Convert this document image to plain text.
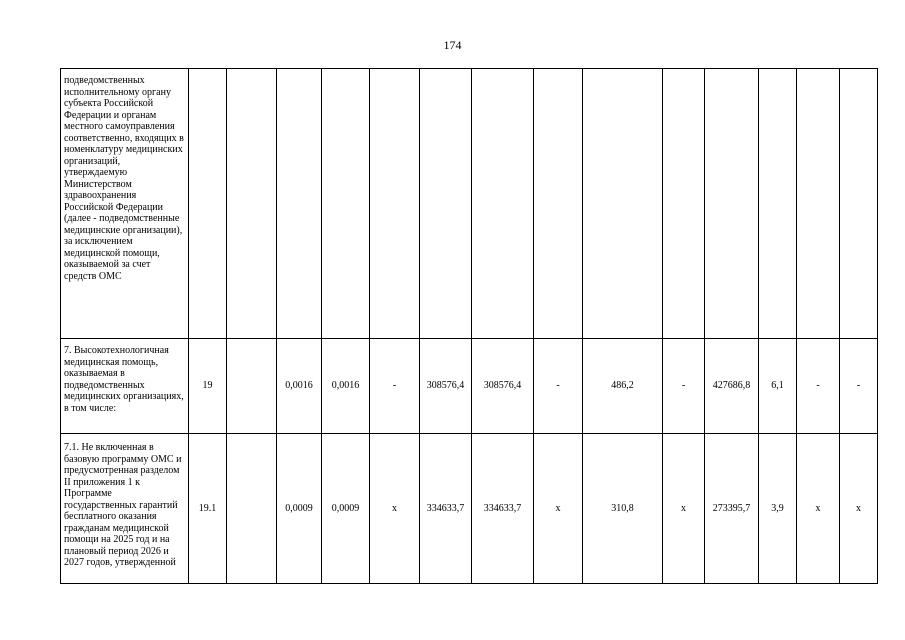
174
подведомственных исполнительному органу субъекта Российской Федерации и органам местного самоуправления соответственно, входящих в номенклатуру медицинских организаций, утверждаемую Министерством здравоохранения Российской Федерации (далее - подведомственные медицинские организации), за исключением медицинской помощи, оказываемой за счет средств ОМС														
7. Высокотехнологичная медицинская помощь, оказываемая в подведомственных медицинских организациях, в том числе:	19		0,0016	0,0016	-	308576,4	308576,4	-	486,2	-	427686,8	6,1	-	-
7.1. Не включенная в базовую программу ОМС и предусмотренная разделом II приложения 1 к Программе государственных гарантий бесплатного оказания гражданам медицинской помощи на 2025 год и на плановый период 2026 и 2027 годов, утвержденной	19.1		0,0009	0,0009	х	334633,7	334633,7	х	310,8	х	273395,7	3,9	х	х
